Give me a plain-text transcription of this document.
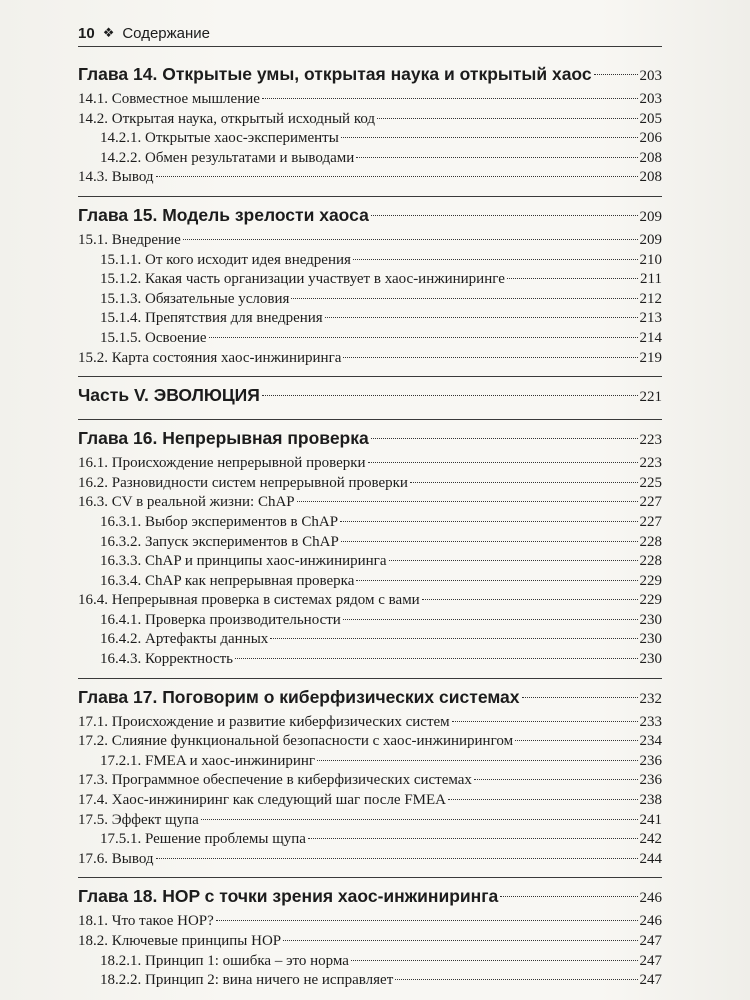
10 ❖ Содержание
Глава 14. Открытые умы, открытая наука и открытый хаос	203
14.1. Совместное мышление	203
14.2. Открытая наука, открытый исходный код	205
14.2.1. Открытые хаос-эксперименты	206
14.2.2. Обмен результатами и выводами	208
14.3. Вывод	208
Глава 15. Модель зрелости хаоса	209
15.1. Внедрение	209
15.1.1. От кого исходит идея внедрения	210
15.1.2. Какая часть организации участвует в хаос-инжиниринге	211
15.1.3. Обязательные условия	212
15.1.4. Препятствия для внедрения	213
15.1.5. Освоение	214
15.2. Карта состояния хаос-инжиниринга	219
Часть V. ЭВОЛЮЦИЯ	221
Глава 16. Непрерывная проверка	223
16.1. Происхождение непрерывной проверки	223
16.2. Разновидности систем непрерывной проверки	225
16.3. CV в реальной жизни: ChAP	227
16.3.1. Выбор экспериментов в ChAP	227
16.3.2. Запуск экспериментов в ChAP	228
16.3.3. ChAP и принципы хаос-инжиниринга	228
16.3.4. ChAP как непрерывная проверка	229
16.4. Непрерывная проверка в системах рядом с вами	229
16.4.1. Проверка производительности	230
16.4.2. Артефакты данных	230
16.4.3. Корректность	230
Глава 17. Поговорим о киберфизических системах	232
17.1. Происхождение и развитие киберфизических систем	233
17.2. Слияние функциональной безопасности с хаос-инжинирингом	234
17.2.1. FMEA и хаос-инжиниринг	236
17.3. Программное обеспечение в киберфизических системах	236
17.4. Хаос-инжиниринг как следующий шаг после FMEA	238
17.5. Эффект щупа	241
17.5.1. Решение проблемы щупа	242
17.6. Вывод	244
Глава 18. HOP с точки зрения хаос-инжиниринга	246
18.1. Что такое HOP?	246
18.2. Ключевые принципы HOP	247
18.2.1. Принцип 1: ошибка – это норма	247
18.2.2. Принцип 2: вина ничего не исправляет	247
